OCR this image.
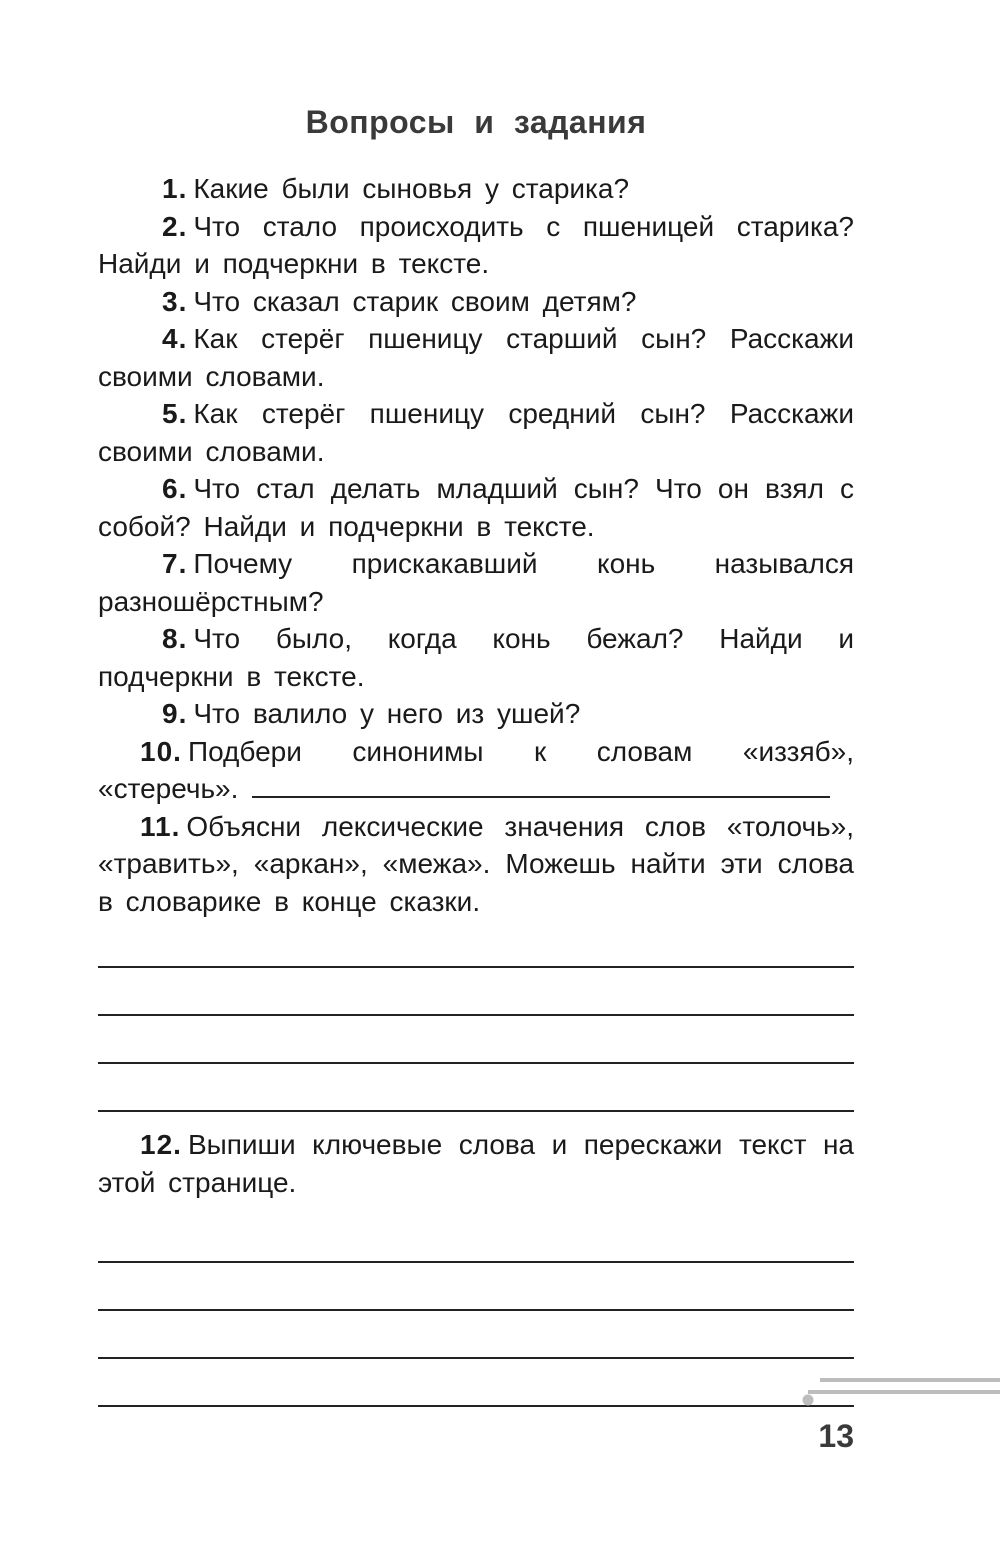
Вопросы и задания
1. Какие были сыновья у старика?
2. Что стало происходить с пшеницей старика? Найди и подчеркни в тексте.
3. Что сказал старик своим детям?
4. Как стерёг пшеницу старший сын? Расскажи своими словами.
5. Как стерёг пшеницу средний сын? Расскажи своими словами.
6. Что стал делать младший сын? Что он взял с собой? Найди и подчеркни в тексте.
7. Почему прискакавший конь назывался разношёрстным?
8. Что было, когда конь бежал? Найди и подчеркни в тексте.
9. Что валило у него из ушей?
10. Подбери синонимы к словам «иззяб», «стеречь».
11. Объясни лексические значения слов «толочь», «травить», «аркан», «межа». Можешь найти эти слова в словарике в конце сказки.
12. Выпиши ключевые слова и перескажи текст на этой странице.
13
